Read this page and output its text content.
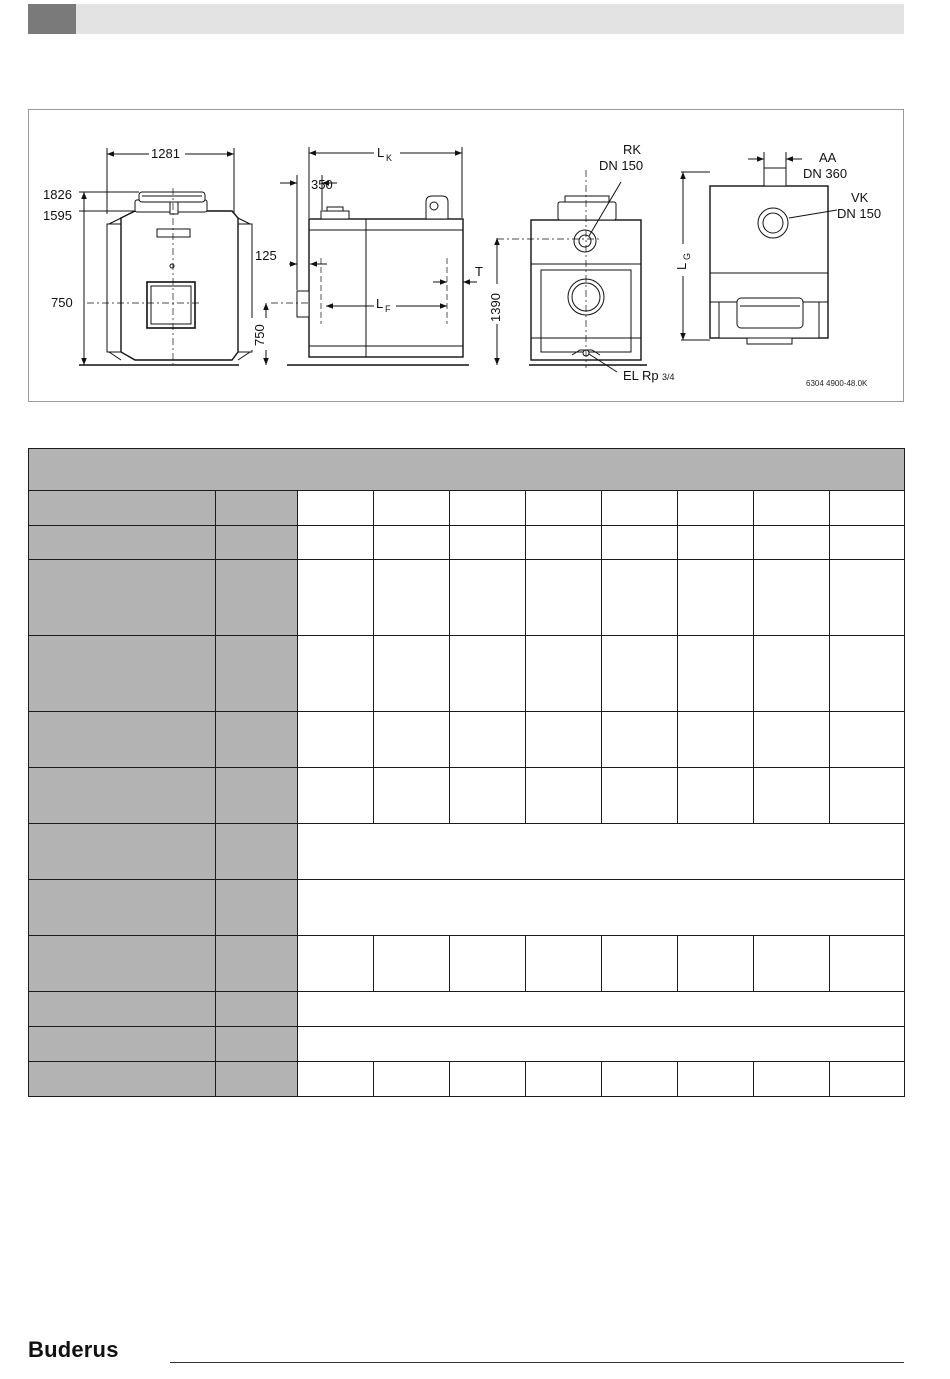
1281
1826
1595
750
L K
350
125
L F
T
750
1390
RK
DN 150
EL Rp 3/4
L
G
AA
DN 360
VK
DN 150
6304 4900-48.0K

Buderus
